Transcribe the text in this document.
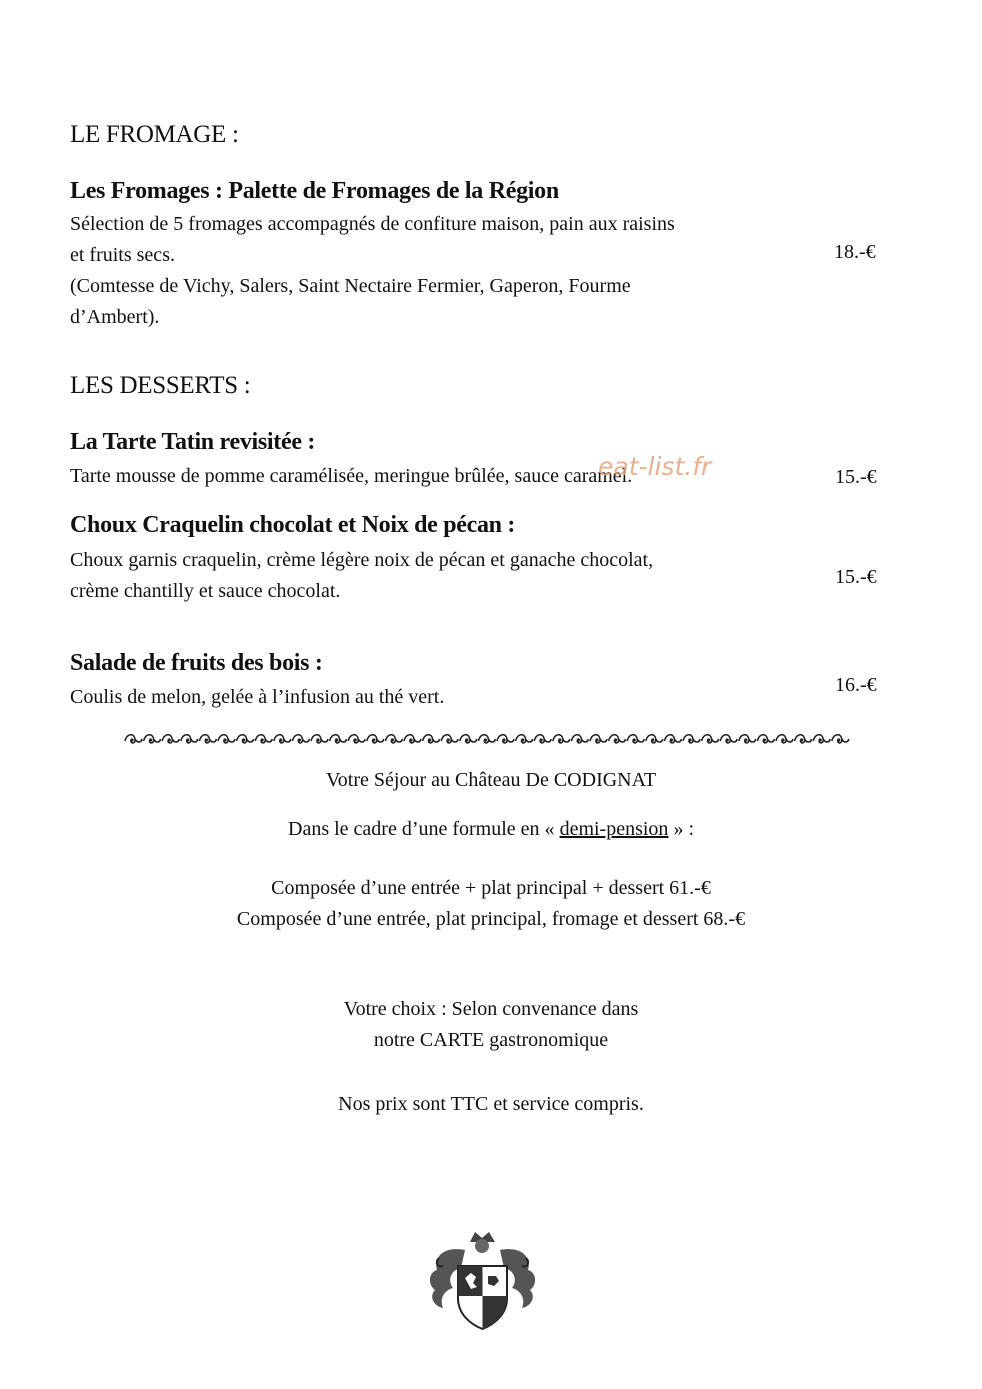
LE FROMAGE :
Les Fromages : Palette de Fromages de la Région
Sélection de 5 fromages accompagnés de confiture maison, pain aux raisins
et fruits secs.
(Comtesse de Vichy, Salers, Saint Nectaire Fermier, Gaperon, Fourme
d’Ambert).
18.-€
LES DESSERTS :
La Tarte Tatin revisitée :
Tarte mousse de pomme caramélisée, meringue brûlée, sauce caramel.	15.-€
eat-list.fr
Choux Craquelin chocolat et Noix de pécan :
Choux garnis craquelin, crème légère noix de pécan et ganache chocolat,
crème chantilly et sauce chocolat.
15.-€
Salade de fruits des bois :
Coulis de melon, gelée à l’infusion au thé vert.
16.-€
Votre Séjour au Château De CODIGNAT
Dans le cadre d’une formule en « demi-pension » :
Composée d’une entrée + plat principal + dessert 61.-€
Composée d’une entrée, plat principal, fromage et dessert 68.-€
Votre choix : Selon convenance dans
notre CARTE gastronomique
Nos prix sont TTC et service compris.
